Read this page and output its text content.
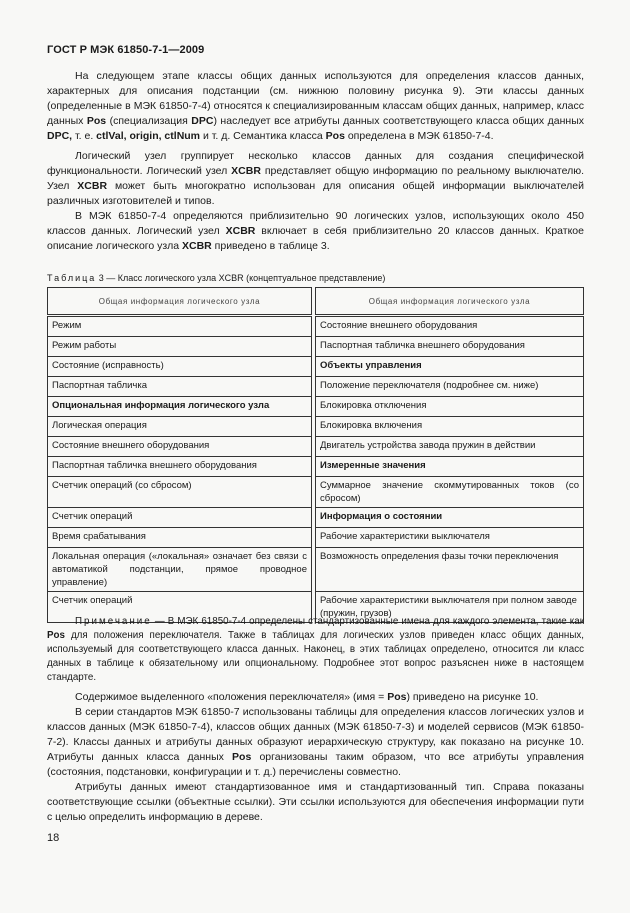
ГОСТ Р МЭК 61850-7-1—2009

На следующем этапе классы общих данных используются для определения классов данных, характерных для описания подстанции (см. нижнюю половину рисунка 9). Эти классы данных (определенные в МЭК 61850-7-4) относятся к специализированным классам общих данных, например, класс данных Pos (специализация DPC) наследует все атрибуты данных соответствующего класса общих данных DPC, т. е. ctlVal, origin, ctlNum и т. д. Семантика класса Pos определена в МЭК 61850-7-4.

Логический узел группирует несколько классов данных для создания специфической функциональности. Логический узел XCBR представляет общую информацию по реальному выключателю. Узел XCBR может быть многократно использован для описания общей информации выключателей различных изготовителей и типов.

В МЭК 61850-7-4 определяются приблизительно 90 логических узлов, использующих около 450 классов данных. Логический узел XCBR включает в себя приблизительно 20 классов данных. Краткое описание логического узла XCBR приведено в таблице 3.

Таблица 3 — Класс логического узла XCBR (концептуальное представление)
Общая информация логического узла		Общая информация логического узла
Режим		Состояние внешнего оборудования
Режим работы		Паспортная табличка внешнего оборудования
Состояние (исправность)		Объекты управления
Паспортная табличка		Положение переключателя (подробнее см. ниже)
Опциональная информация логического узла		Блокировка отключения
Логическая операция		Блокировка включения
Состояние внешнего оборудования		Двигатель устройства завода пружин в действии
Паспортная табличка внешнего оборудования		Измеренные значения
Счетчик операций (со сбросом)		Суммарное значение скоммутированных токов (со сбросом)
Счетчик операций		Информация о состоянии
Время срабатывания		Рабочие характеристики выключателя
Локальная операция («локальная» означает без связи с автоматикой подстанции, прямое проводное управление)		Возможность определения фазы точки переключения
Счетчик операций		Рабочие характеристики выключателя при полном заводе (пружин, грузов)

Примечание — В МЭК 61850-7-4 определены стандартизованные имена для каждого элемента, такие как Pos для положения переключателя. Также в таблицах для логических узлов приведен класс общих данных, используемый для соответствующего класса данных. Наконец, в этих таблицах определено, относится ли класс данных в таблице к обязательному или опциональному. Подробнее этот вопрос разъяснен ниже в настоящем стандарте.

Содержимое выделенного «положения переключателя» (имя = Pos) приведено на рисунке 10.

В серии стандартов МЭК 61850-7 использованы таблицы для определения классов логических узлов и классов данных (МЭК 61850-7-4), классов общих данных (МЭК 61850-7-3) и моделей сервисов (МЭК 61850-7-2). Классы данных и атрибуты данных образуют иерархическую структуру, как показано на рисунке 10. Атрибуты данных класса данных Pos организованы таким образом, что все атрибуты управления (состояния, подстановки, конфигурации и т. д.) перечислены совместно.

Атрибуты данных имеют стандартизованное имя и стандартизованный тип. Справа показаны соответствующие ссылки (объектные ссылки). Эти ссылки используются для обеспечения информации пути с целью определить информацию в дереве.

18
